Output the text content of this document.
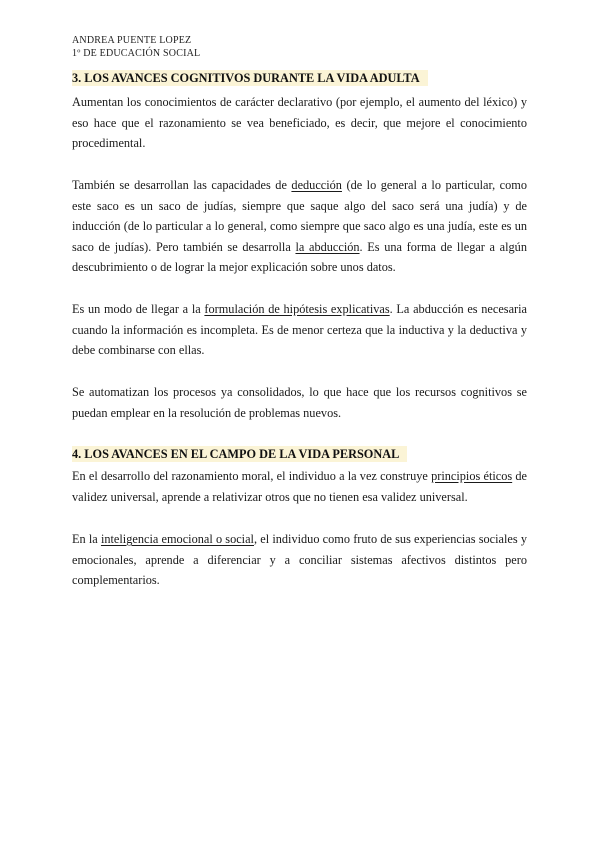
ANDREA PUENTE LOPEZ
1º DE EDUCACIÓN SOCIAL
3. LOS AVANCES COGNITIVOS DURANTE LA VIDA ADULTA

Aumentan los conocimientos de carácter declarativo (por ejemplo, el aumento del léxico) y eso hace que el razonamiento se vea beneficiado, es decir, que mejore el conocimiento procedimental.

También se desarrollan las capacidades de deducción (de lo general a lo particular, como este saco es un saco de judías, siempre que saque algo del saco será una judía) y de inducción (de lo particular a lo general, como siempre que saco algo es una judía, este es un saco de judías). Pero también se desarrolla la abducción. Es una forma de llegar a algún descubrimiento o de lograr la mejor explicación sobre unos datos.

Es un modo de llegar a la formulación de hipótesis explicativas. La abducción es necesaria cuando la información es incompleta. Es de menor certeza que la inductiva y la deductiva y debe combinarse con ellas.

Se automatizan los procesos ya consolidados, lo que hace que los recursos cognitivos se puedan emplear en la resolución de problemas nuevos.

4. LOS AVANCES EN EL CAMPO DE LA VIDA PERSONAL

En el desarrollo del razonamiento moral, el individuo a la vez construye principios éticos de validez universal, aprende a relativizar otros que no tienen esa validez universal.

En la inteligencia emocional o social, el individuo como fruto de sus experiencias sociales y emocionales, aprende a diferenciar y a conciliar sistemas afectivos distintos pero complementarios.
